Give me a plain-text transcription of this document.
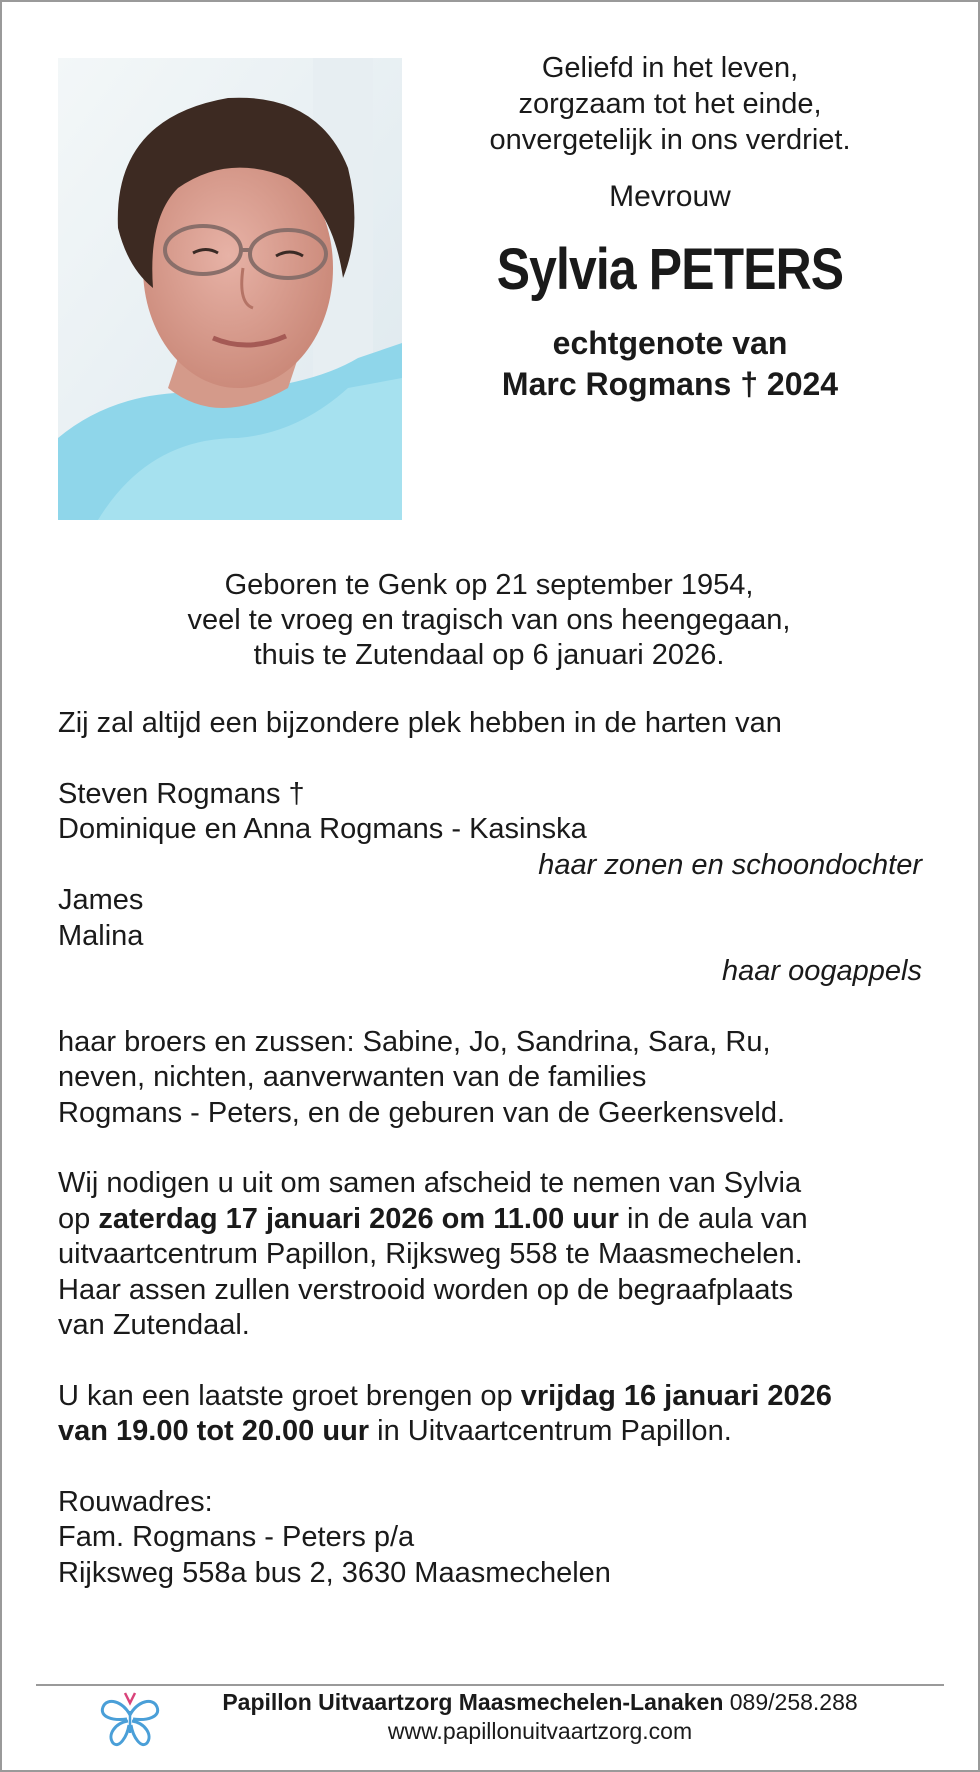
Geliefd in het leven,
zorgzaam tot het einde,
onvergetelijk in ons verdriet.
Mevrouw
Sylvia PETERS
echtgenote van
Marc Rogmans † 2024
Geboren te Genk op 21 september 1954,
veel te vroeg en tragisch van ons heengegaan,
thuis te Zutendaal op 6 januari 2026.

Zij zal altijd een bijzondere plek hebben in de harten van

Steven Rogmans †

Dominique en Anna Rogmans - Kasinska

haar zonen en schoondochter

James

Malina

haar oogappels

haar broers en zussen: Sabine, Jo, Sandrina, Sara, Ru,

neven, nichten, aanverwanten van de families

Rogmans - Peters, en de geburen van de Geerkensveld.

Wij nodigen u uit om samen afscheid te nemen van Sylvia

op zaterdag 17 januari 2026 om 11.00 uur in de aula van

uitvaartcentrum Papillon, Rijksweg 558 te Maasmechelen.

Haar assen zullen verstrooid worden op de begraafplaats

van Zutendaal.

U kan een laatste groet brengen op vrijdag 16 januari 2026

van 19.00 tot 20.00 uur in Uitvaartcentrum Papillon.

Rouwadres:

Fam. Rogmans - Peters p/a

Rijksweg 558a bus 2, 3630 Maasmechelen

Papillon Uitvaartzorg Maasmechelen-Lanaken 089/258.288
www.papillonuitvaartzorg.com
